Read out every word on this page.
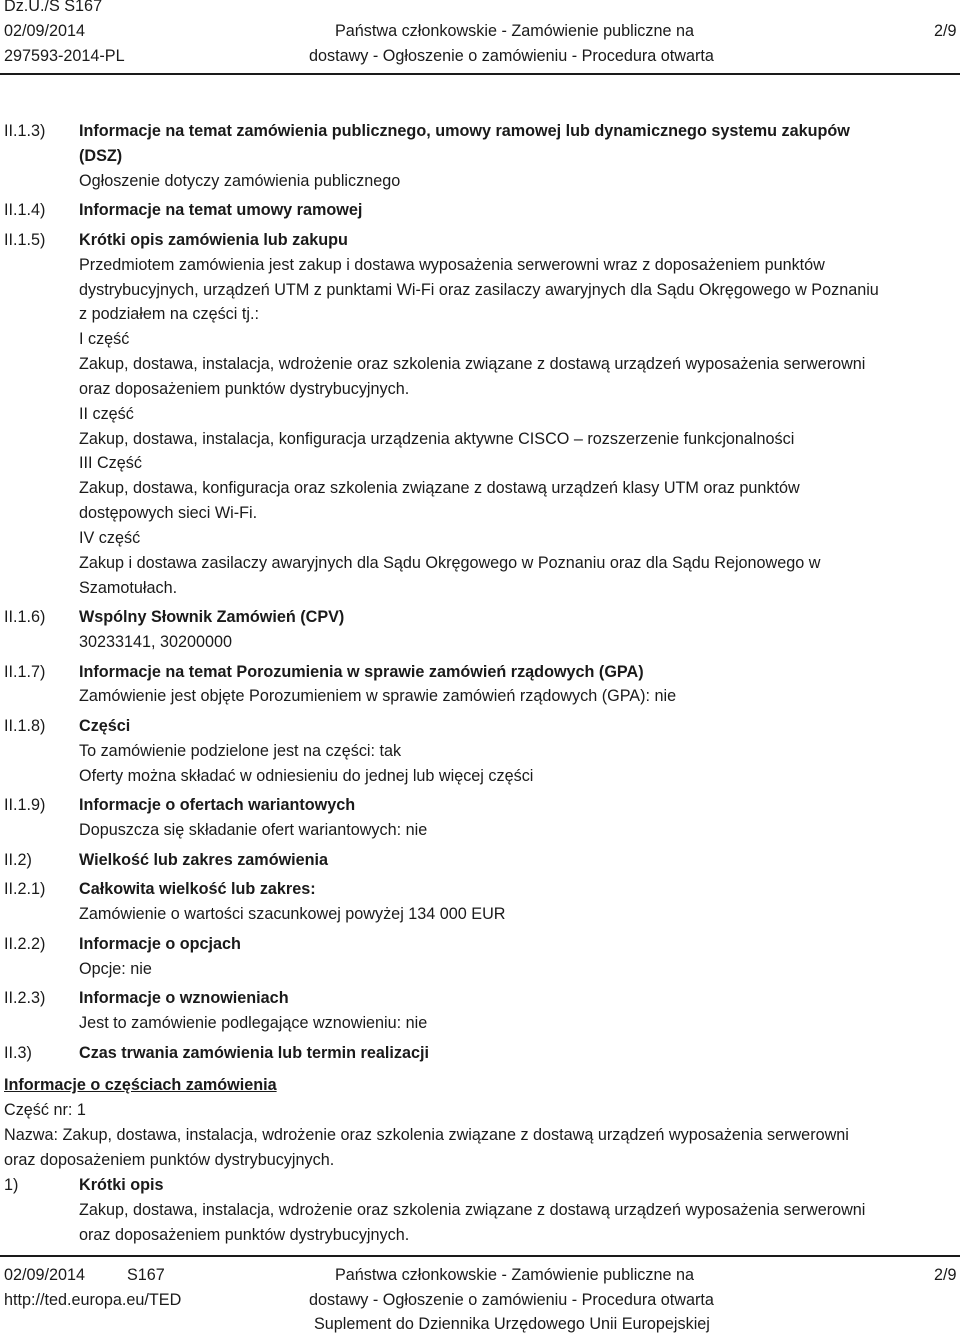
Dz.U./S S167
02/09/2014
297593-2014-PL
Państwa członkowskie - Zamówienie publiczne na
dostawy - Ogłoszenie o zamówieniu - Procedura otwarta
2/9
II.1.3) Informacje na temat zamówienia publicznego, umowy ramowej lub dynamicznego systemu zakupów
(DSZ)
Ogłoszenie dotyczy zamówienia publicznego
II.1.4) Informacje na temat umowy ramowej
II.1.5) Krótki opis zamówienia lub zakupu
Przedmiotem zamówienia jest zakup i dostawa wyposażenia serwerowni wraz z doposażeniem punktów
dystrybucyjnych, urządzeń UTM z punktami Wi-Fi oraz zasilaczy awaryjnych dla Sądu Okręgowego w Poznaniu
z podziałem na części tj.:
I część
Zakup, dostawa, instalacja, wdrożenie oraz szkolenia związane z dostawą urządzeń wyposażenia serwerowni
oraz doposażeniem punktów dystrybucyjnych.
II część
Zakup, dostawa, instalacja, konfiguracja urządzenia aktywne CISCO – rozszerzenie funkcjonalności
III Część
Zakup, dostawa, konfiguracja oraz szkolenia związane z dostawą urządzeń klasy UTM oraz punktów
dostępowych sieci Wi-Fi.
IV część
Zakup i dostawa zasilaczy awaryjnych dla Sądu Okręgowego w Poznaniu oraz dla Sądu Rejonowego w
Szamotułach.
II.1.6) Wspólny Słownik Zamówień (CPV)
30233141, 30200000
II.1.7) Informacje na temat Porozumienia w sprawie zamówień rządowych (GPA)
Zamówienie jest objęte Porozumieniem w sprawie zamówień rządowych (GPA): nie
II.1.8) Części
To zamówienie podzielone jest na części: tak
Oferty można składać w odniesieniu do jednej lub więcej części
II.1.9) Informacje o ofertach wariantowych
Dopuszcza się składanie ofert wariantowych: nie
II.2)	Wielkość lub zakres zamówienia
II.2.1) Całkowita wielkość lub zakres:
Zamówienie o wartości szacunkowej powyżej 134 000 EUR
II.2.2) Informacje o opcjach
Opcje: nie
II.2.3) Informacje o wznowieniach
Jest to zamówienie podlegające wznowieniu: nie
II.3)	Czas trwania zamówienia lub termin realizacji
Informacje o częściach zamówienia
Część nr: 1
Nazwa: Zakup, dostawa, instalacja, wdrożenie oraz szkolenia związane z dostawą urządzeń wyposażenia serwerowni
oraz doposażeniem punktów dystrybucyjnych.
1)	Krótki opis
Zakup, dostawa, instalacja, wdrożenie oraz szkolenia związane z dostawą urządzeń wyposażenia serwerowni
oraz doposażeniem punktów dystrybucyjnych.
02/09/2014	S167
http://ted.europa.eu/TED
Państwa członkowskie - Zamówienie publiczne na
dostawy - Ogłoszenie o zamówieniu - Procedura otwarta
Suplement do Dziennika Urzędowego Unii Europejskiej
2/9
